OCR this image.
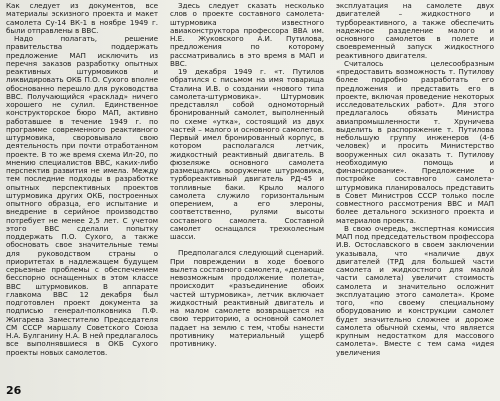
Как следует из документов, все материалы эскизного проекта и макет самолета Су-14 ВК-1 в ноябре 1949 г. были отправлены в ВВС.

Надо полагать, решение правительства поддержать предложение МАП исключить из перечня заказов разработку опытных реактивных штурмовиков и ликвидировать ОКБ П.О. Сухого вполне обоснованно перешло для руководства ВВС. Получающийся «расклад» ничего хорошего не сулил. Единственное конструкторское бюро МАП, активно работавшее в течение 1949 г. по программе современного реактивного штурмовика, своровывало свою деятельность при почти отработанном проекте. В то же время схема Ил-20, по мнению специалистов ВВС, каких-либо перспектив развития не имела. Между тем последние подходы в разработке опытных перспективных проектов штурмовика других ОКБ, построенных опытного образца, его испытание и внедрение в серийное производство потребует не менее 2,5 лет. С учетом этого ВВС сделали попытку поддержать П.О. Сухого, а также обосновать свое значительные темы для руководством страны о приоритетах в надлежащем будущем серьезные проблемы с обеспечением бесспорно оснащенных в этом классе ВВС штурмовиков. В аппарате главкома ВВС 12 декабря был подготовлен проект документа за подписью генерал-полковника П.Ф. Жигарева Заместителю Председателя СМ СССР маршалу Советского Союза Н.А. Булганину Н.А. В ней предлагалось все выполнявшиеся в ОКБ Сухого проекты новых самолетов.

Здесь следует сказать несколько слов о проекте составного самолета-штурмовика известного авиаконструктора профессора ВВА им. Н.Е. Жуковского А.И. Путилова, предложения по которому рассматривались в это время в МАП и ВВС.

19 декабря 1949 г. «т. Путилов обратился с письмом на имя товарища Сталина И.В. о создании «нового типа самолета-штурмовика». Штурмовик представлял собой одномоторный бронированный самолет, выполненный по схеме «утка», состоящий из двух частей – малого и основного самолетов. Первый имел бронированный корпус, в котором располагался летчик, жидкостный реактивный двигатель. В фюзеляже основного самолета размещались вооружение штурмовика, турбореактивный двигатель РД-45 и топливные баки. Крыло малого самолета служило горизонтальным оперением, а его элероны, соответственно, рулями высоты составного самолета. Составной самолет оснащался трехколесным шасси.

Предполагался следующий сценарий. При повреждении в ходе боевого вылета составного самолета, «делающе невозможным продолжение полета», происходит «разъединение обоих частей штурмовика», летчик включает жидкостный реактивный двигатель и на малом самолете возвращается на свою территорию, а основной самолет падает на землю с тем, чтобы нанести противнику материальный ущерб противнику.

эксплуатация на самолете двух двигателей – жидкостного и турбореактивного, а также обеспечить надежное разделение малого и основного самолетов в полете и своевременный запуск жидкостного реактивного двигателя.

Считалось целесообразным «предоставить возможность т. Путилову более подробно разработать его предложения и представить его в проекте, включая проведение некоторых исследовательских работ». Для этого предлагалось обязать Министра авиапромышленности т. Хруничева выделить в распоряжение т. Путилова небольшую группу инженеров (4-6 человек) и просить Министерство вооруженных сил оказать т. Путилову необходимую помощь и финансирование». Предложение о постройке составного самолета-штурмовика планировалось представить в Совет Министров СССР только после совместного рассмотрения ВВС и МАП более детального эскизного проекта и материалов проекта.

В свою очередь, экспертная комиссия МАП под председательством профессора И.В. Остославского в своем заключении указывала, что «наличие двух двигателей (ТРД для большей части самолета и жидкостного для малой части самолета) увеличит стоимость самолета и значительно осложнит эксплуатацию этого самолета». Кроме того, «по своему специальному оборудованию и конструкции самолет будет значительно сложнее и дороже самолета обычной схемы, что является крупным недостатком для массового самолета». Вместе с тем сама «идея увеличения

26
